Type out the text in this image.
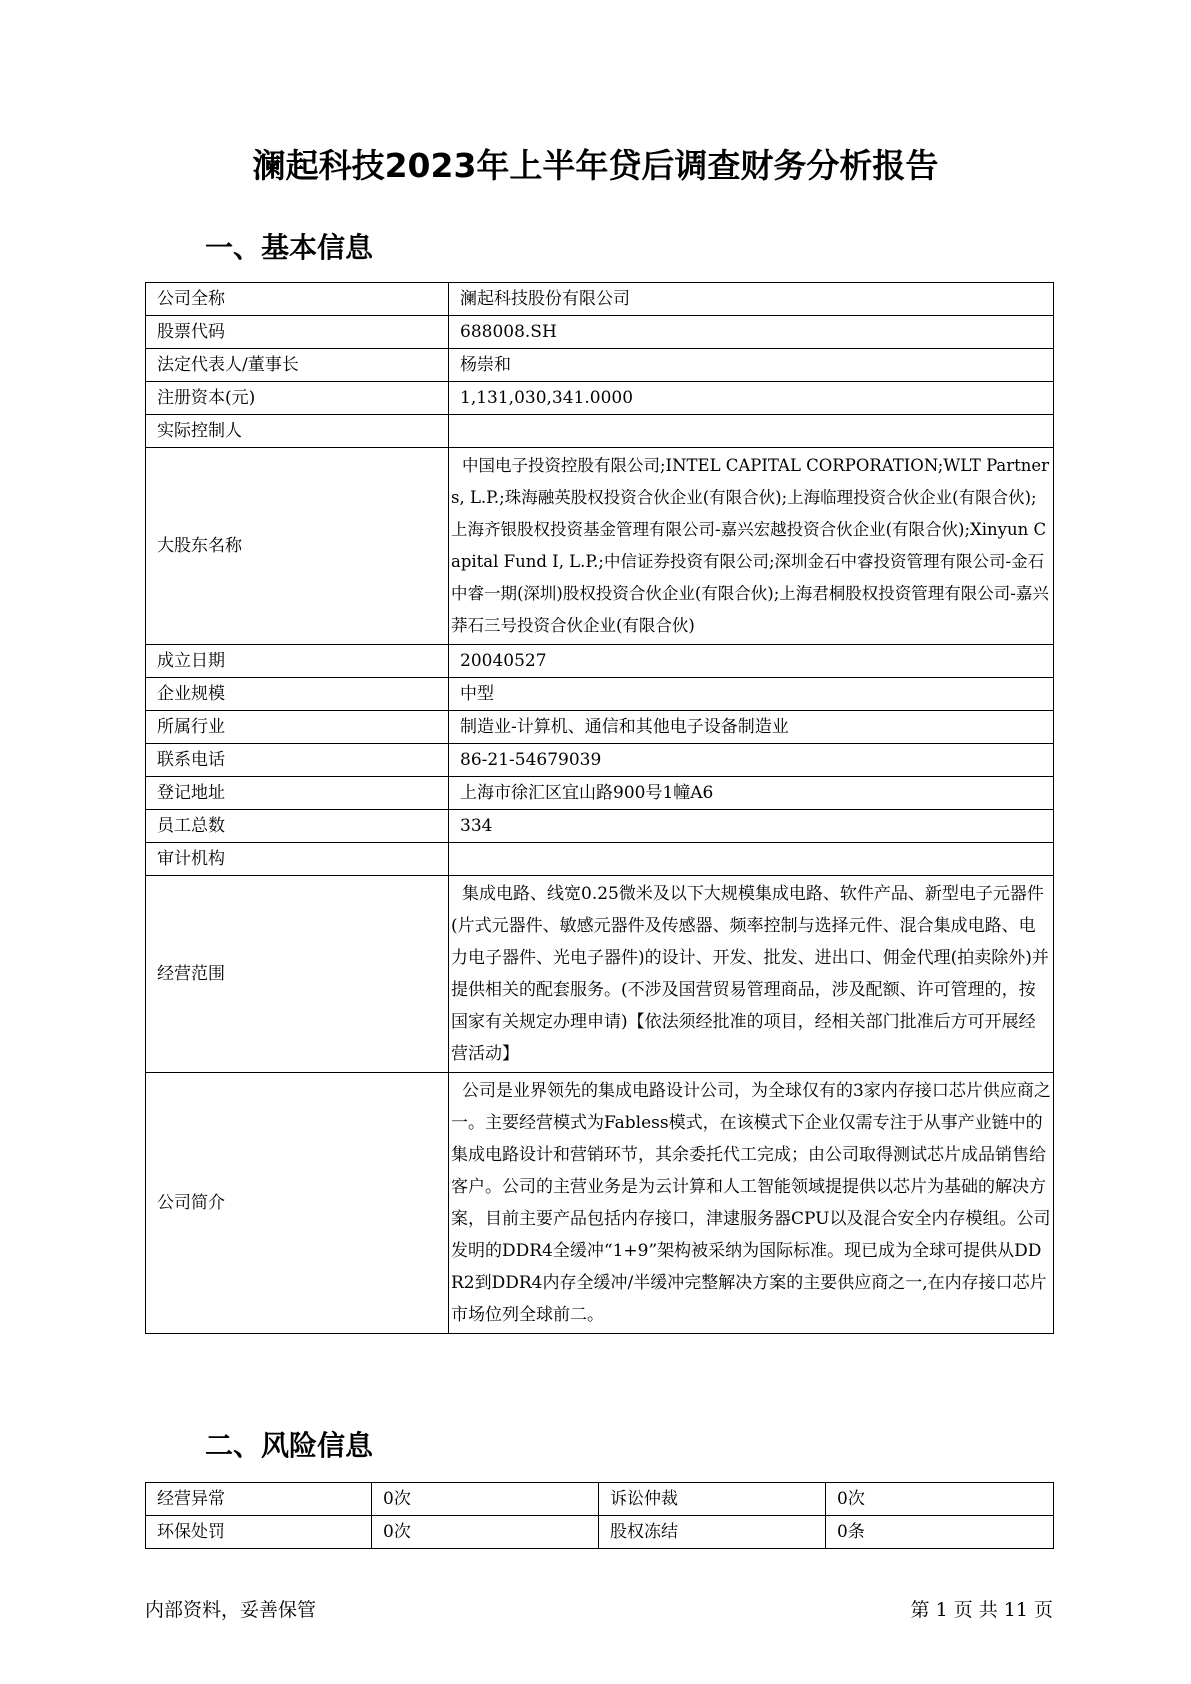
澜起科技2023年上半年贷后调查财务分析报告
一、基本信息
公司全称	澜起科技股份有限公司
股票代码	688008.SH
法定代表人/董事长	杨崇和
注册资本(元)	1,131,030,341.0000
实际控制人	
大股东名称	中国电子投资控股有限公司;INTEL CAPITAL CORPORATION;WLT Partners, L.P.;珠海融英股权投资合伙企业(有限合伙);上海临理投资合伙企业(有限合伙);上海齐银股权投资基金管理有限公司-嘉兴宏越投资合伙企业(有限合伙);Xinyun Capital Fund I, L.P.;中信证券投资有限公司;深圳金石中睿投资管理有限公司-金石中睿一期(深圳)股权投资合伙企业(有限合伙);上海君桐股权投资管理有限公司-嘉兴莽石三号投资合伙企业(有限合伙)
成立日期	20040527
企业规模	中型
所属行业	制造业-计算机、通信和其他电子设备制造业
联系电话	86-21-54679039
登记地址	上海市徐汇区宜山路900号1幢A6
员工总数	334
审计机构	
经营范围	集成电路、线宽0.25微米及以下大规模集成电路、软件产品、新型电子元器件(片式元器件、敏感元器件及传感器、频率控制与选择元件、混合集成电路、电力电子器件、光电子器件)的设计、开发、批发、进出口、佣金代理(拍卖除外)并提供相关的配套服务。(不涉及国营贸易管理商品，涉及配额、许可管理的，按国家有关规定办理申请)【依法须经批准的项目，经相关部门批准后方可开展经营活动】
公司简介	公司是业界领先的集成电路设计公司，为全球仅有的3家内存接口芯片供应商之一。主要经营模式为Fabless模式，在该模式下企业仅需专注于从事产业链中的集成电路设计和营销环节，其余委托代工完成；由公司取得测试芯片成品销售给客户。公司的主营业务是为云计算和人工智能领域提提供以芯片为基础的解决方案，目前主要产品包括内存接口，津逮服务器CPU以及混合安全内存模组。公司发明的DDR4全缓冲“1+9”架构被采纳为国际标准。现已成为全球可提供从DDR2到DDR4内存全缓冲/半缓冲完整解决方案的主要供应商之一,在内存接口芯片市场位列全球前二。
二、风险信息
经营异常	0次	诉讼仲裁	0次
环保处罚	0次	股权冻结	0条
内部资料，妥善保管	第 1 页 共 11 页
